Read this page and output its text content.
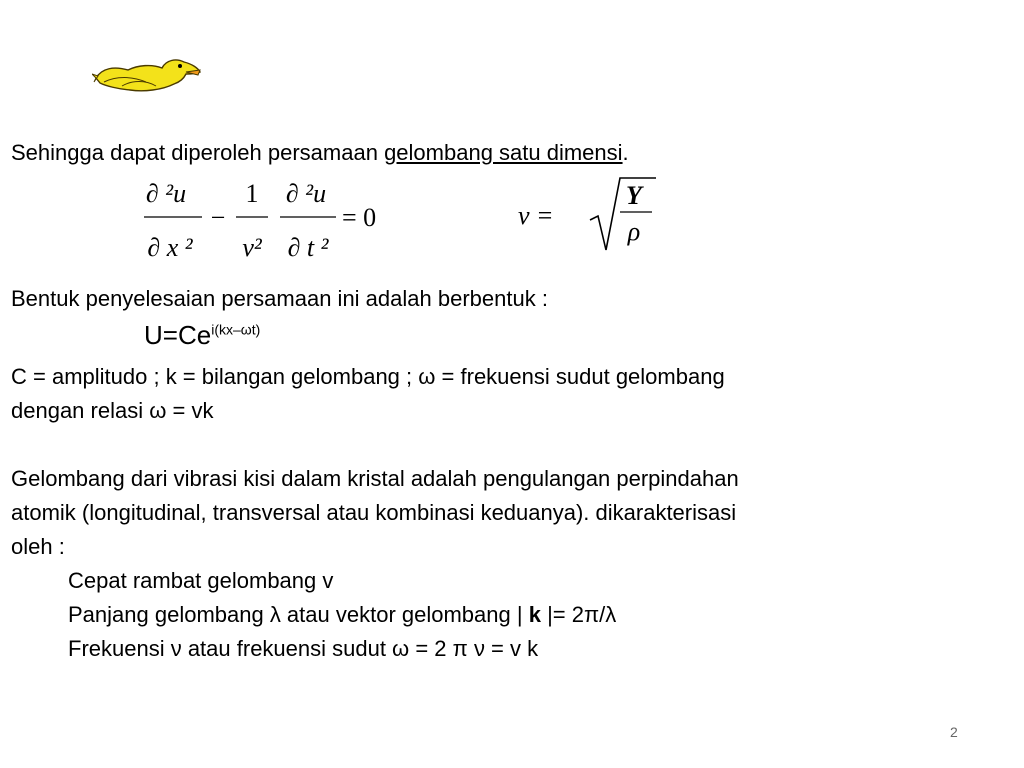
Sehingga dapat diperoleh persamaan gelombang satu dimensi.
∂ ²u
∂ x ²
−
1
v²
∂ ²u
∂ t ²
= 0	ν =
Y
ρ
Bentuk penyelesaian persamaan ini adalah berbentuk :
$U=Ce^{i(kx-\omega t)}$
C = amplitudo ; k = bilangan gelombang ; ω = frekuensi sudut gelombang
dengan relasi ω = vk
Gelombang dari vibrasi kisi dalam kristal adalah pengulangan perpindahan
atomik (longitudinal, transversal atau kombinasi keduanya). dikarakterisasi
oleh :
Cepat rambat gelombang v
Panjang gelombang λ atau vektor gelombang | k |= 2π/λ
Frekuensi ν atau frekuensi sudut ω = 2 π ν = v k
2
